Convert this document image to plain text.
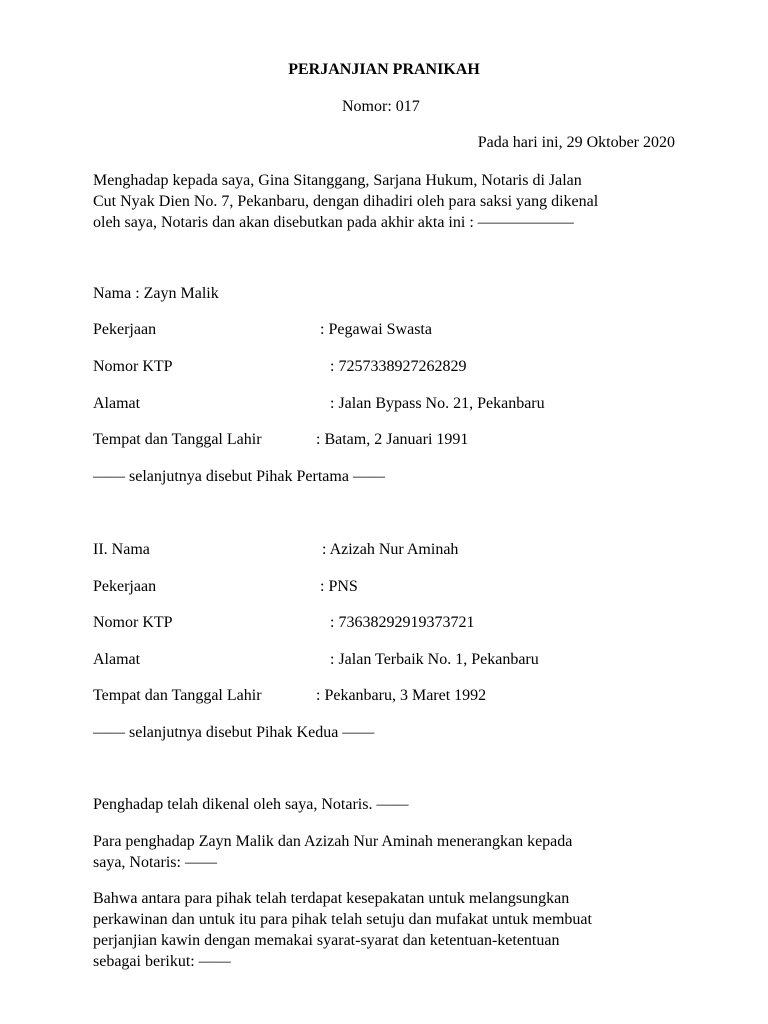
PERJANJIAN PRANIKAH
Nomor: 017
Pada hari ini, 29 Oktober 2020
Menghadap kepada saya, Gina Sitanggang, Sarjana Hukum, Notaris di Jalan
Cut Nyak Dien No. 7, Pekanbaru, dengan dihadiri oleh para saksi yang dikenal
oleh saya, Notaris dan akan disebutkan pada akhir akta ini : ——————
Nama : Zayn Malik
Pekerjaan	: Pegawai Swasta
Nomor KTP	: 7257338927262829
Alamat	: Jalan Bypass No. 21, Pekanbaru
Tempat dan Tanggal Lahir	: Batam, 2 Januari 1991
—— selanjutnya disebut Pihak Pertama ——
II. Nama	: Azizah Nur Aminah
Pekerjaan	: PNS
Nomor KTP	: 73638292919373721
Alamat	: Jalan Terbaik No. 1, Pekanbaru
Tempat dan Tanggal Lahir	: Pekanbaru, 3 Maret 1992
—— selanjutnya disebut Pihak Kedua ——
Penghadap telah dikenal oleh saya, Notaris. ——
Para penghadap Zayn Malik dan Azizah Nur Aminah menerangkan kepada
saya, Notaris: ——
Bahwa antara para pihak telah terdapat kesepakatan untuk melangsungkan
perkawinan dan untuk itu para pihak telah setuju dan mufakat untuk membuat
perjanjian kawin dengan memakai syarat-syarat dan ketentuan-ketentuan
sebagai berikut: ——
